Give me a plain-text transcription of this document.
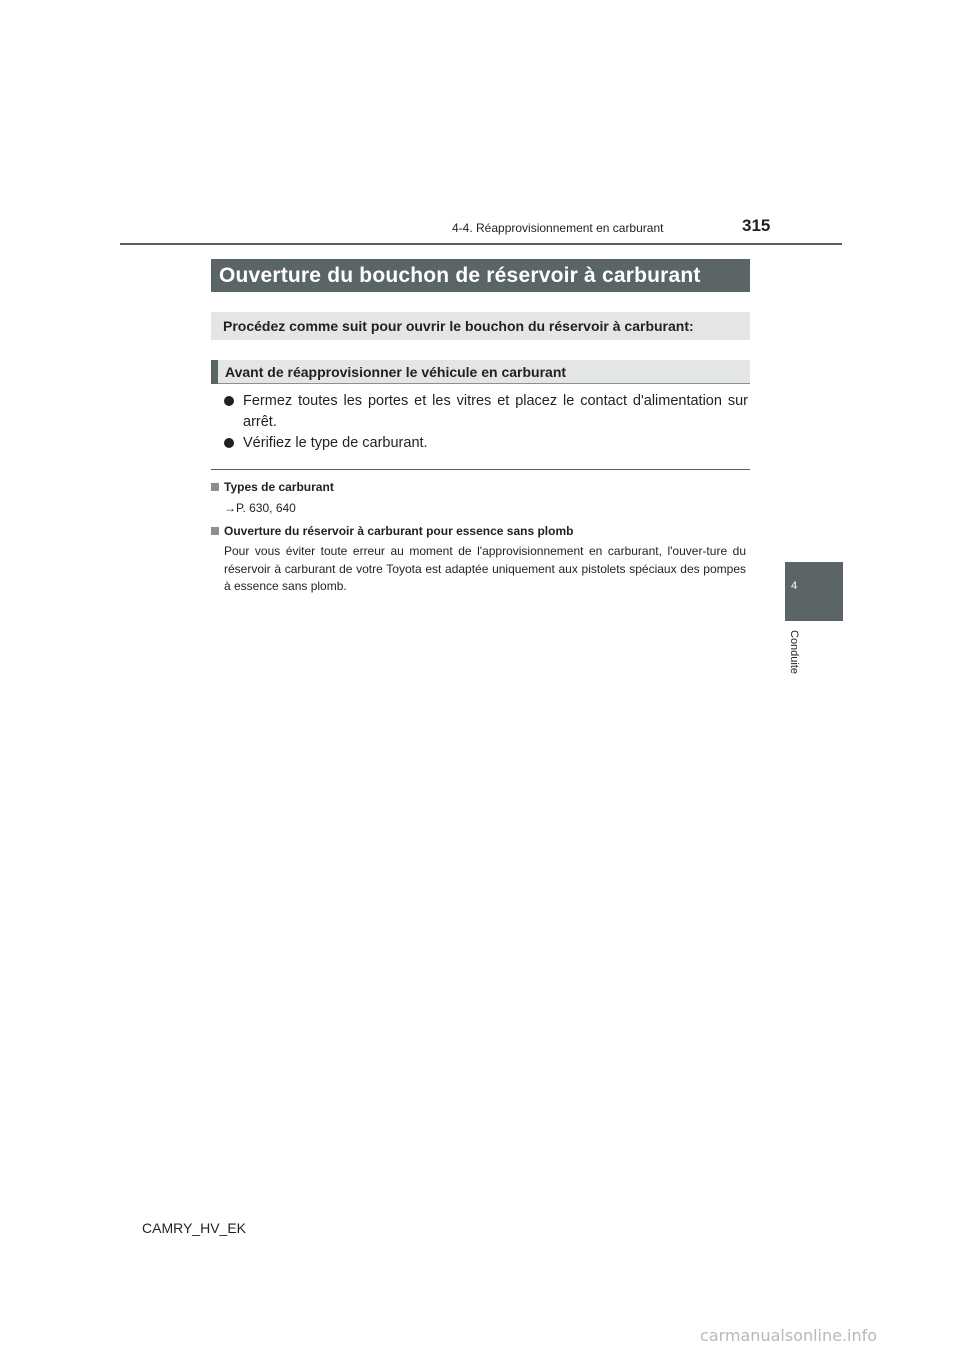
4-4. Réapprovisionnement en carburant	315
4
Conduite
Ouverture du bouchon de réservoir à carburant
Procédez comme suit pour ouvrir le bouchon du réservoir à carburant:
Avant de réapprovisionner le véhicule en carburant
Fermez toutes les portes et les vitres et placez le contact d'alimentation sur arrêt.
Vérifiez le type de carburant.
Types de carburant
→P. 630, 640
Ouverture du réservoir à carburant pour essence sans plomb
Pour vous éviter toute erreur au moment de l'approvisionnement en carburant, l'ouver-ture du réservoir à carburant de votre Toyota est adaptée uniquement aux pistolets spéciaux des pompes à essence sans plomb.
CAMRY_HV_EK
carmanualsonline.info
